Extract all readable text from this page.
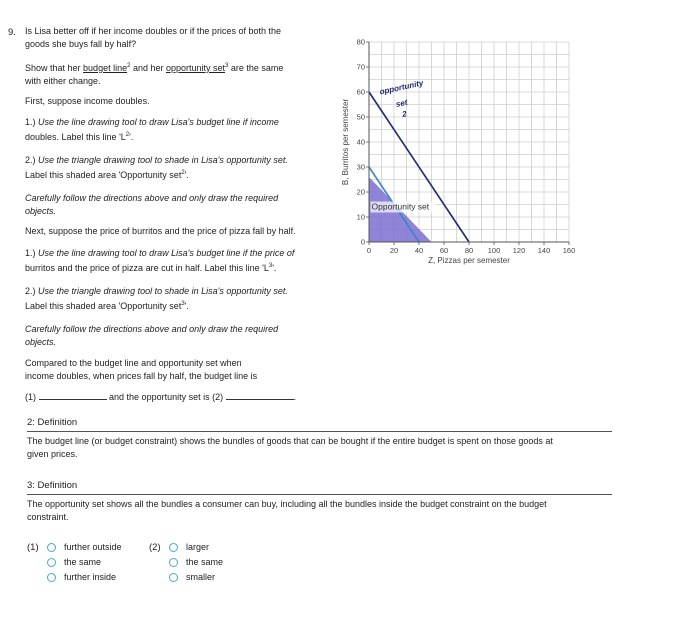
9. Is Lisa better off if her income doubles or if the prices of both the
goods she buys fall by half?
Show that her budget line$^2$ and her opportunity set$^3$ are the same
with either change.
First, suppose income doubles.
1.) Use the line drawing tool to draw Lisa's budget line if income
doubles. Label this line '$L^2$'.
2.) Use the triangle drawing tool to shade in Lisa's opportunity set.
Label this shaded area 'Opportunity set$^2$'.
Carefully follow the directions above and only draw the required
objects.
Next, suppose the price of burritos and the price of pizza fall by half.
1.) Use the line drawing tool to draw Lisa's budget line if the price of
burritos and the price of pizza are cut in half. Label this line '$L^3$'.
2.) Use the triangle drawing tool to shade in Lisa's opportunity set.
Label this shaded area 'Opportunity set$^3$'.
Carefully follow the directions above and only draw the required
objects.
Compared to the budget line and opportunity set when
income doubles, when prices fall by half, the budget line is
(1)	and the opportunity set is (2)	.
0 20 40 60 80 100 120 140 160
0
10
20
30
40
50
60
70
80
Opportunity set
opportunity
set
2
Z, Pizzas per semester
B, Burritos per semester
2: Definition
The budget line (or budget constraint) shows the bundles of goods that can be bought if the entire budget is spent on those goods at
given prices.
3: Definition
The opportunity set shows all the bundles a consumer can buy, including all the bundles inside the budget constraint on the budget
constraint.
(1)	further outside
the same
further inside
(2)	larger
the same
smaller
